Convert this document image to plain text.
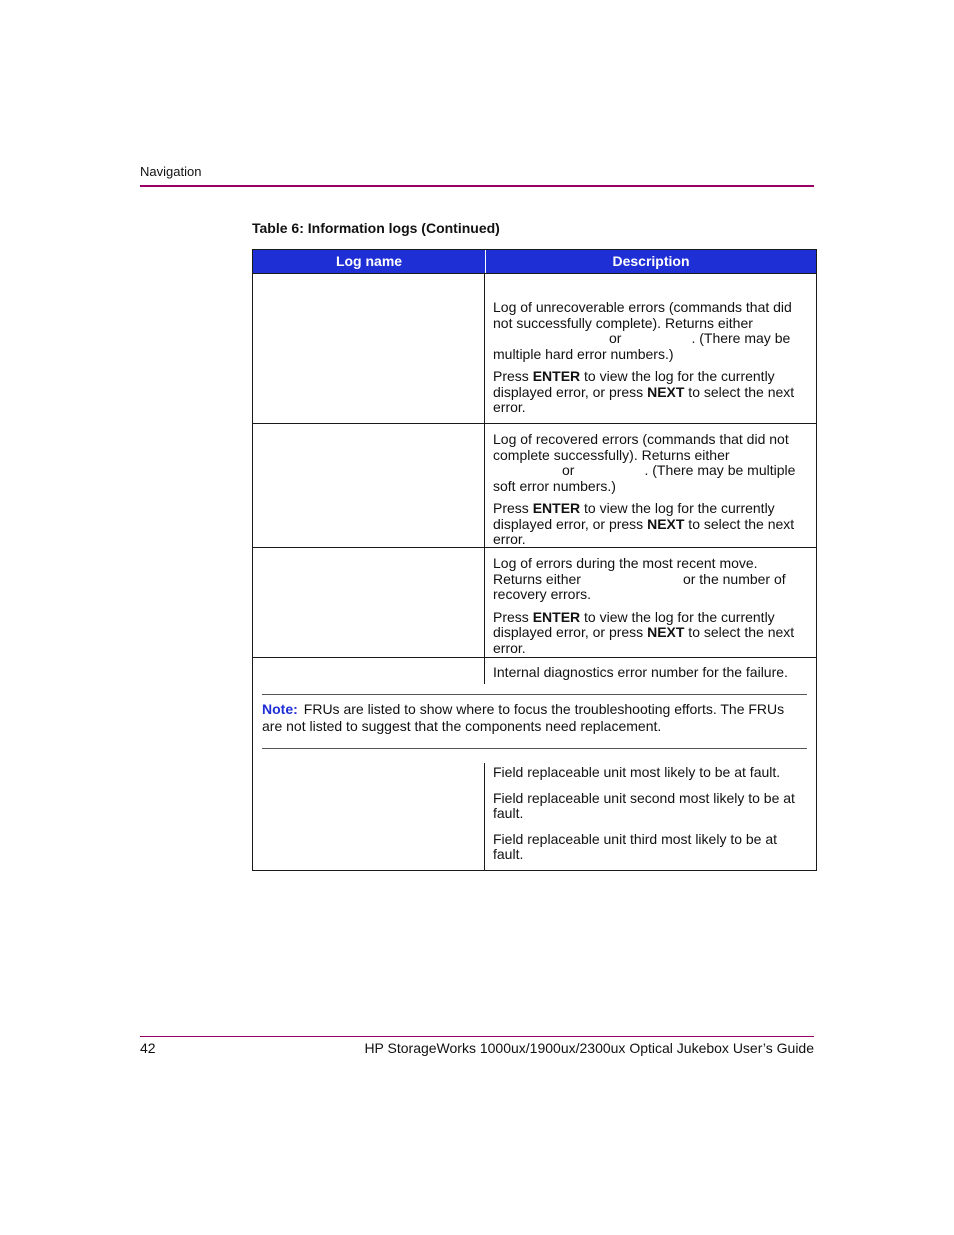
Navigation
Table 6: Information logs (Continued)
Log name	Description

Log of unrecoverable errors (commands that did
not successfully complete). Returns either
or	. (There may be
multiple hard error numbers.)

Press ENTER to view the log for the currently displayed error, or press NEXT to select the next error.

Log of recovered errors (commands that did not
complete successfully). Returns either
or	. (There may be multiple
soft error numbers.)

Press ENTER to view the log for the currently displayed error, or press NEXT to select the next error.

Log of errors during the most recent move.
Returns either	or the number of
recovery errors.

Press ENTER to view the log for the currently displayed error, or press NEXT to select the next error.

Internal diagnostics error number for the failure.

Note: FRUs are listed to show where to focus the troubleshooting efforts. The FRUs are not listed to suggest that the components need replacement.

Field replaceable unit most likely to be at fault.

Field replaceable unit second most likely to be at fault.

Field replaceable unit third most likely to be at fault.

42	HP StorageWorks 1000ux/1900ux/2300ux Optical Jukebox User’s Guide
